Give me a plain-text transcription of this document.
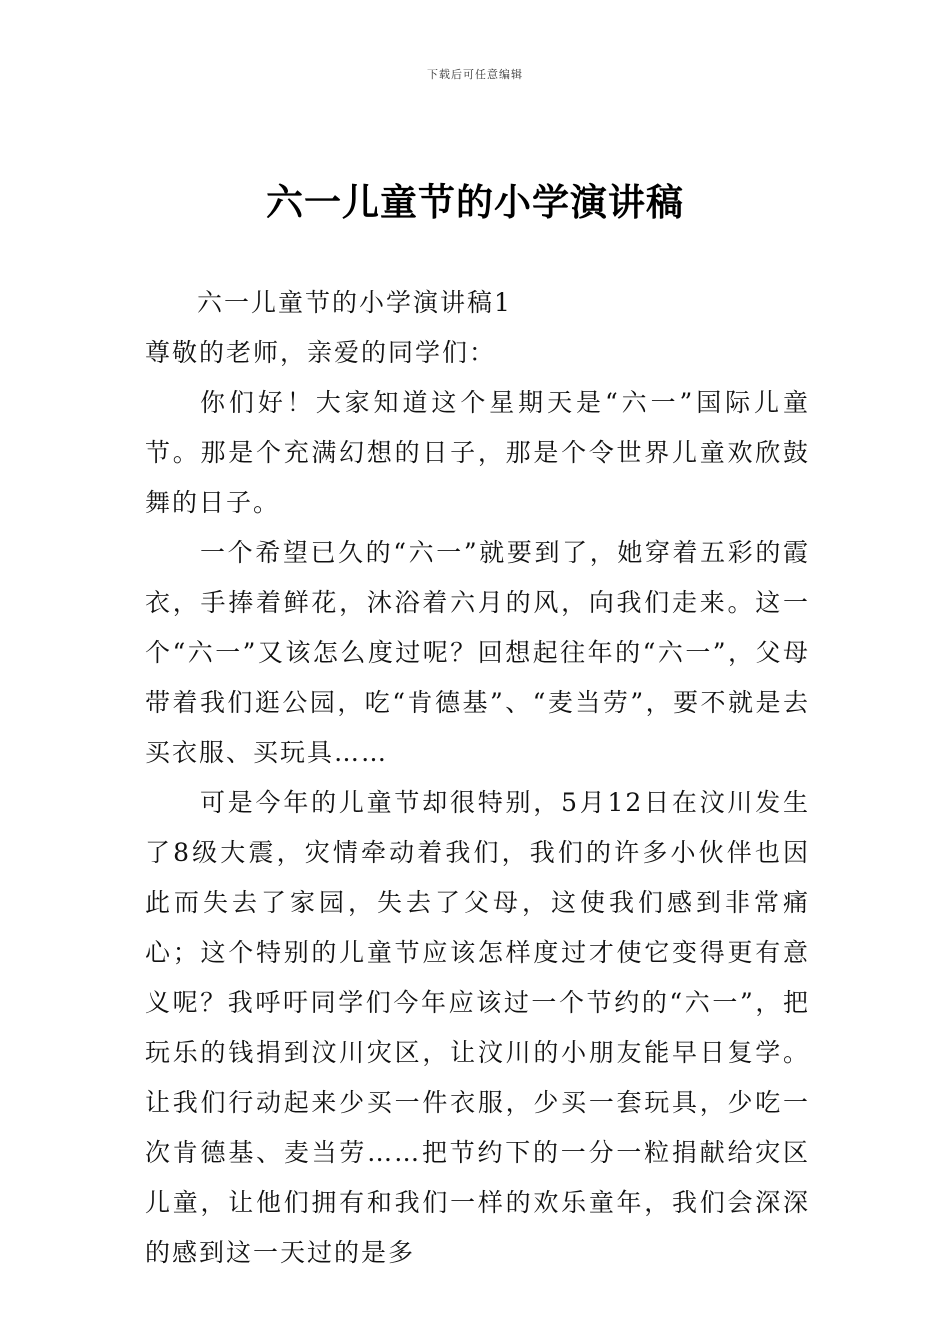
下载后可任意编辑
六一儿童节的小学演讲稿

六一儿童节的小学演讲稿1

尊敬的老师，亲爱的同学们：

你们好！大家知道这个星期天是“六一”国际儿童节。那是个充满幻想的日子，那是个令世界儿童欢欣鼓舞的日子。

一个希望已久的“六一”就要到了，她穿着五彩的霞衣，手捧着鲜花，沐浴着六月的风，向我们走来。这一个“六一”又该怎么度过呢？回想起往年的“六一”，父母带着我们逛公园，吃“肯德基”、“麦当劳”，要不就是去买衣服、买玩具……

可是今年的儿童节却很特别，5月12日在汶川发生了8级大震，灾情牵动着我们，我们的许多小伙伴也因此而失去了家园，失去了父母，这使我们感到非常痛心；这个特别的儿童节应该怎样度过才使它变得更有意义呢？我呼吁同学们今年应该过一个节约的“六一”，把玩乐的钱捐到汶川灾区，让汶川的小朋友能早日复学。让我们行动起来少买一件衣服，少买一套玩具，少吃一次肯德基、麦当劳……把节约下的一分一粒捐献给灾区儿童，让他们拥有和我们一样的欢乐童年，我们会深深的感到这一天过的是多
